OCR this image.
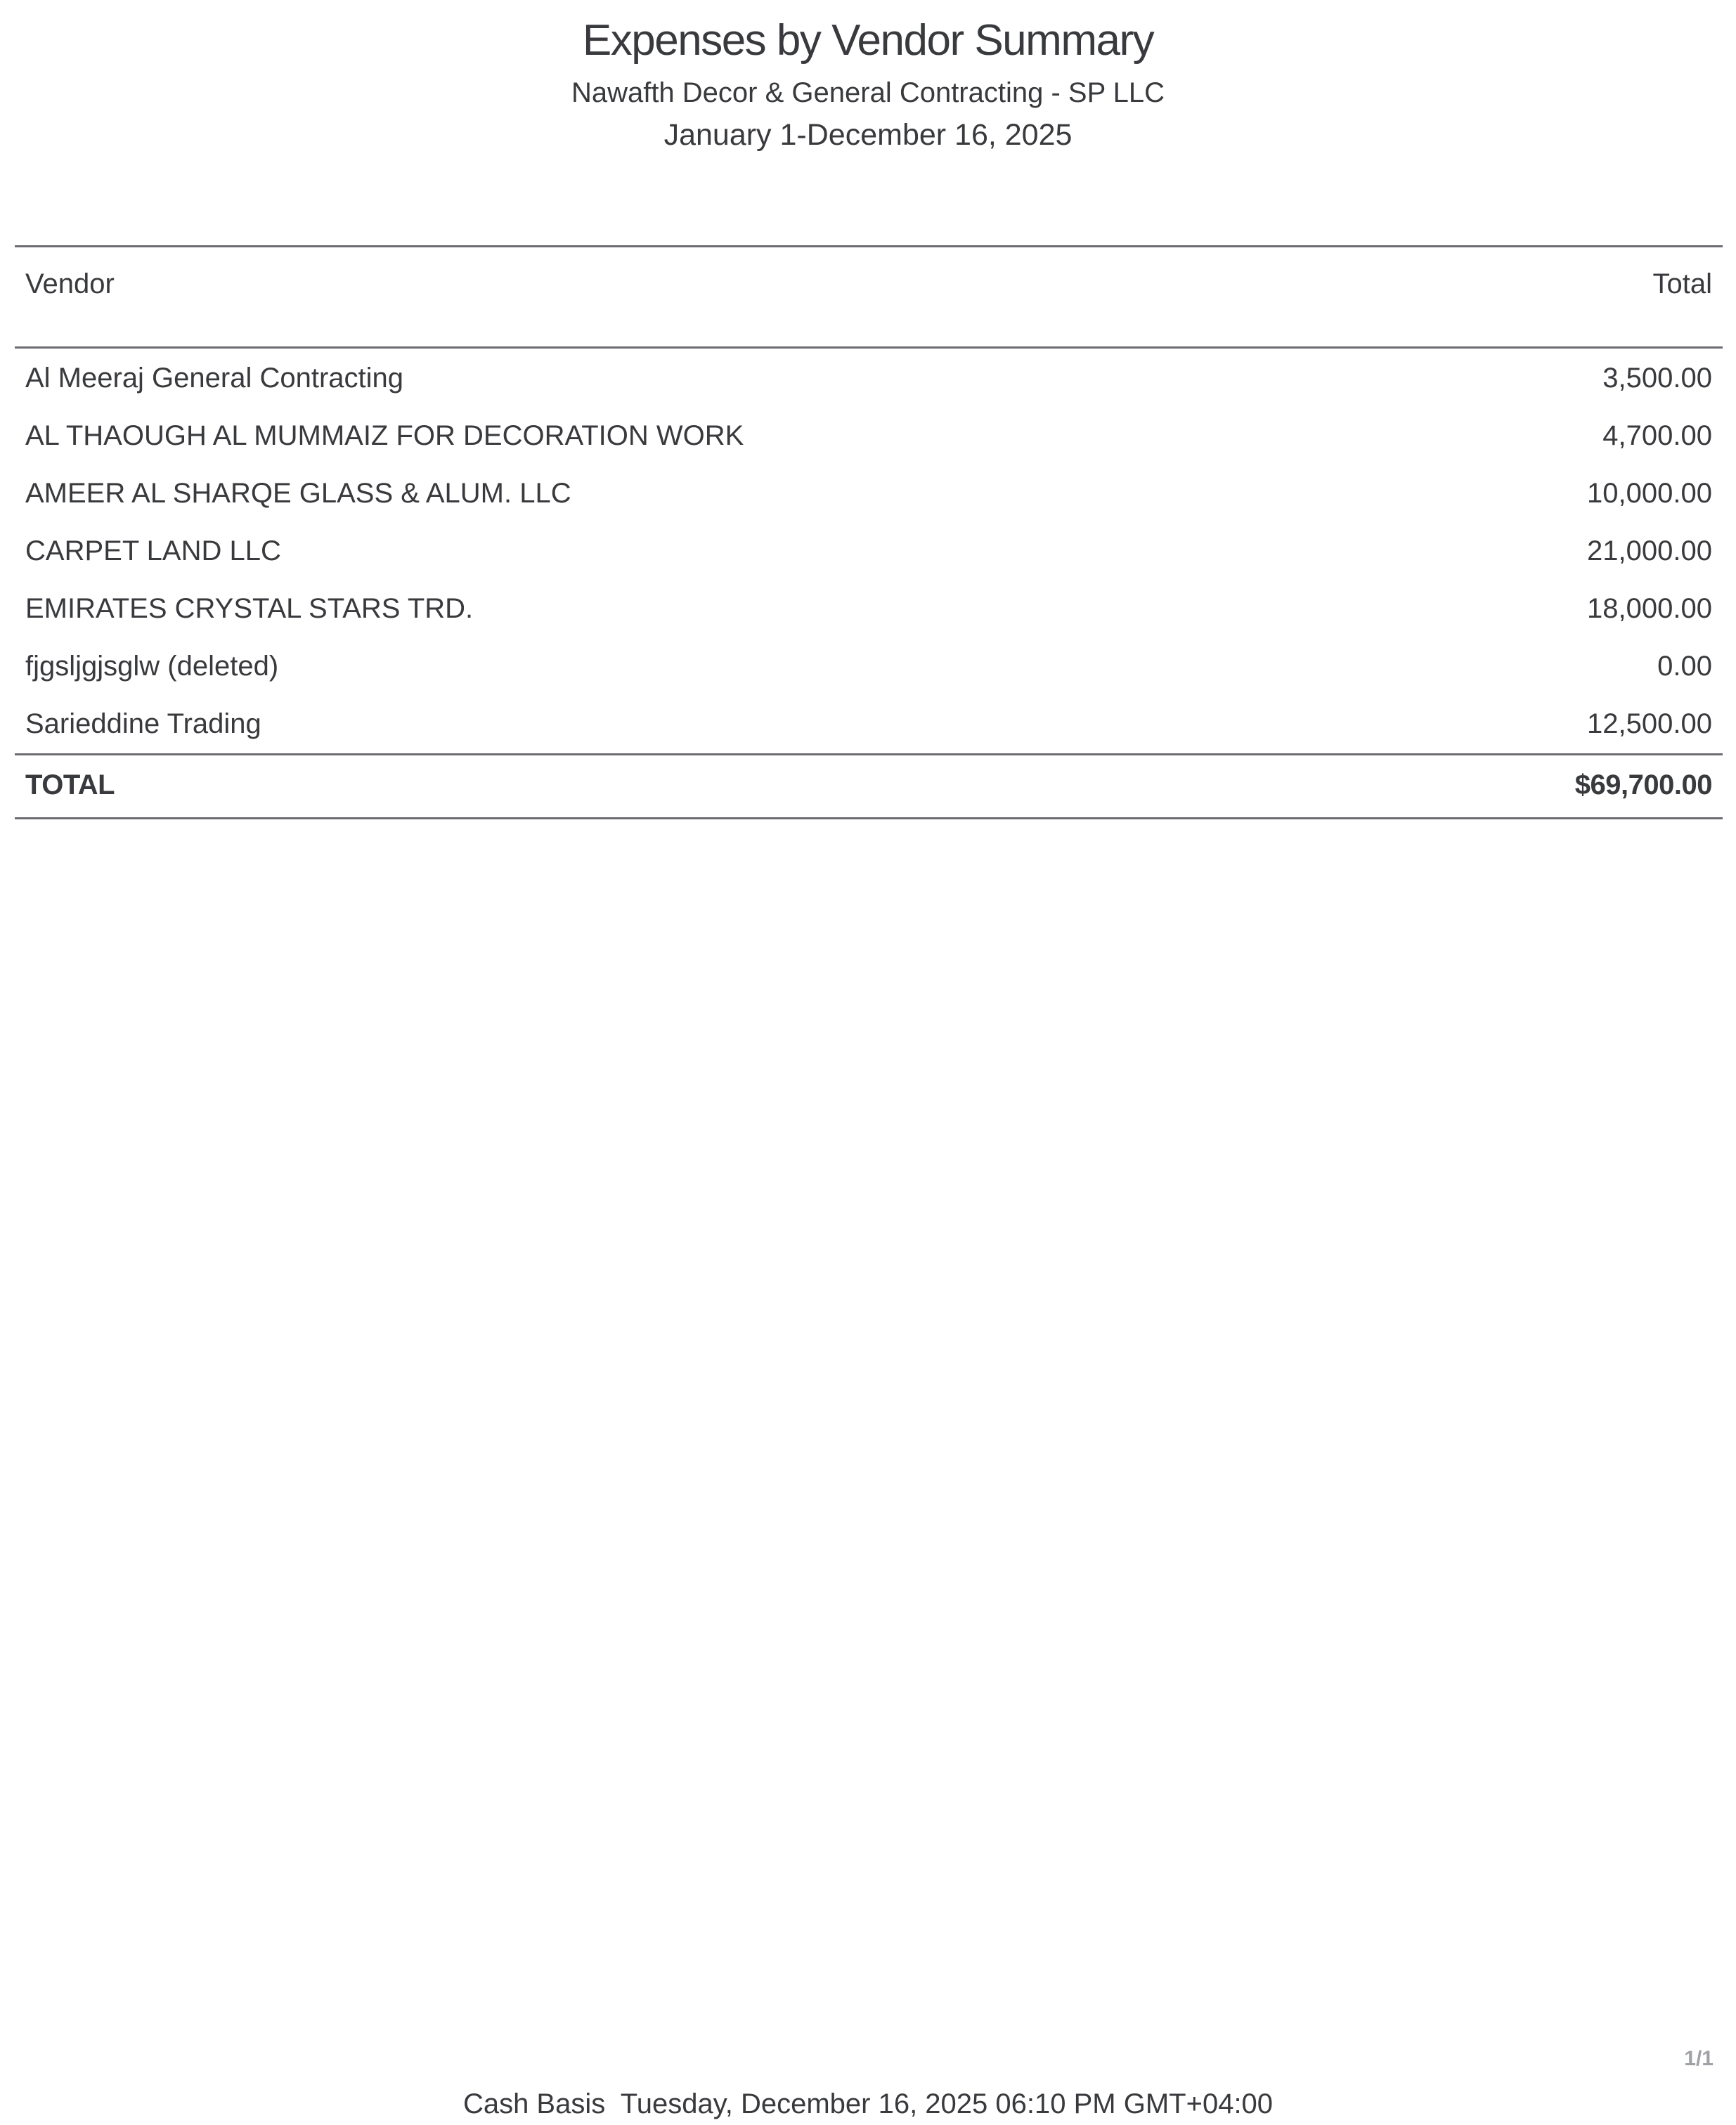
Expenses by Vendor Summary
Nawafth Decor & General Contracting - SP LLC
January 1-December 16, 2025
Vendor	Total
Al Meeraj General Contracting	3,500.00
AL THAOUGH AL MUMMAIZ FOR DECORATION WORK	4,700.00
AMEER AL SHARQE GLASS & ALUM. LLC	10,000.00
CARPET LAND LLC	21,000.00
EMIRATES CRYSTAL STARS TRD.	18,000.00
fjgsljgjsglw (deleted)	0.00
Sarieddine Trading	12,500.00
TOTAL	$69,700.00
1/1
Cash Basis Tuesday, December 16, 2025 06:10 PM GMT+04:00
